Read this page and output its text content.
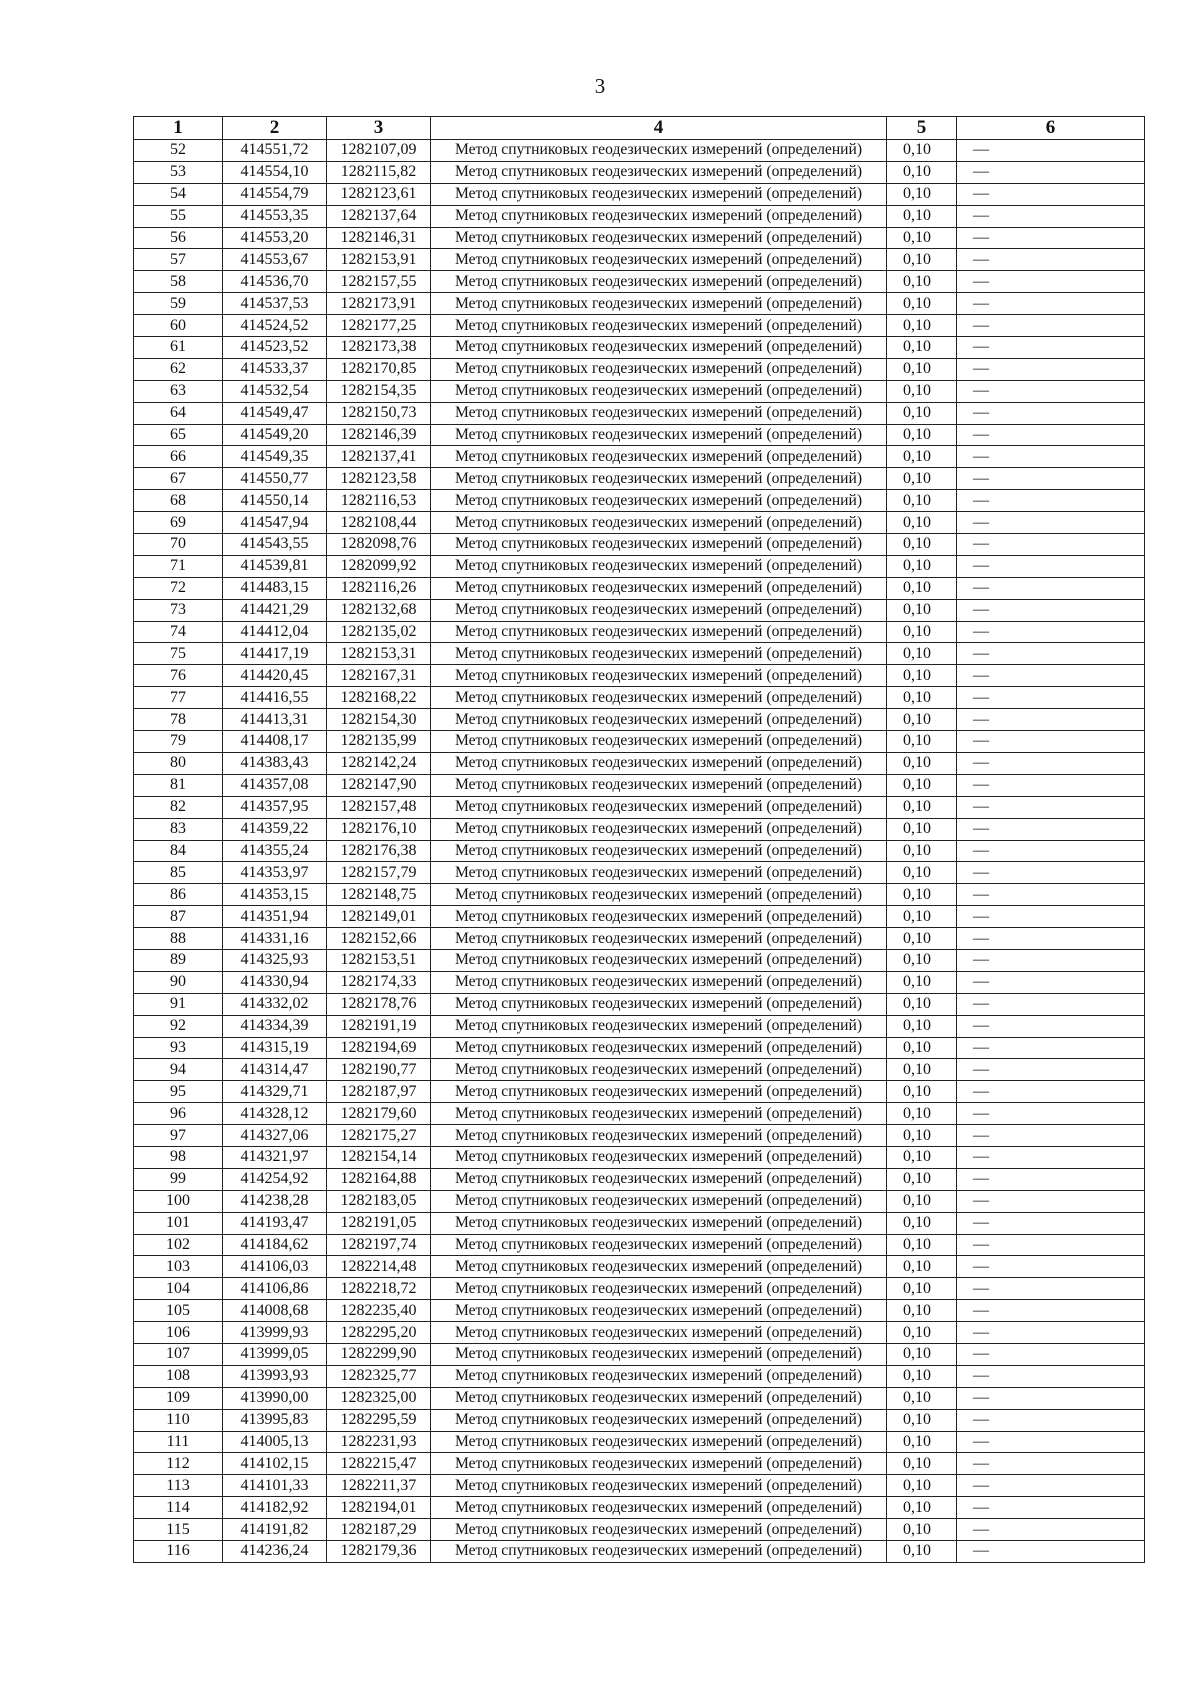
3
1	2	3	4	5	6
52	414551,72	1282107,09	Метод спутниковых геодезических измерений (определений)	0,10	—
53	414554,10	1282115,82	Метод спутниковых геодезических измерений (определений)	0,10	—
54	414554,79	1282123,61	Метод спутниковых геодезических измерений (определений)	0,10	—
55	414553,35	1282137,64	Метод спутниковых геодезических измерений (определений)	0,10	—
56	414553,20	1282146,31	Метод спутниковых геодезических измерений (определений)	0,10	—
57	414553,67	1282153,91	Метод спутниковых геодезических измерений (определений)	0,10	—
58	414536,70	1282157,55	Метод спутниковых геодезических измерений (определений)	0,10	—
59	414537,53	1282173,91	Метод спутниковых геодезических измерений (определений)	0,10	—
60	414524,52	1282177,25	Метод спутниковых геодезических измерений (определений)	0,10	—
61	414523,52	1282173,38	Метод спутниковых геодезических измерений (определений)	0,10	—
62	414533,37	1282170,85	Метод спутниковых геодезических измерений (определений)	0,10	—
63	414532,54	1282154,35	Метод спутниковых геодезических измерений (определений)	0,10	—
64	414549,47	1282150,73	Метод спутниковых геодезических измерений (определений)	0,10	—
65	414549,20	1282146,39	Метод спутниковых геодезических измерений (определений)	0,10	—
66	414549,35	1282137,41	Метод спутниковых геодезических измерений (определений)	0,10	—
67	414550,77	1282123,58	Метод спутниковых геодезических измерений (определений)	0,10	—
68	414550,14	1282116,53	Метод спутниковых геодезических измерений (определений)	0,10	—
69	414547,94	1282108,44	Метод спутниковых геодезических измерений (определений)	0,10	—
70	414543,55	1282098,76	Метод спутниковых геодезических измерений (определений)	0,10	—
71	414539,81	1282099,92	Метод спутниковых геодезических измерений (определений)	0,10	—
72	414483,15	1282116,26	Метод спутниковых геодезических измерений (определений)	0,10	—
73	414421,29	1282132,68	Метод спутниковых геодезических измерений (определений)	0,10	—
74	414412,04	1282135,02	Метод спутниковых геодезических измерений (определений)	0,10	—
75	414417,19	1282153,31	Метод спутниковых геодезических измерений (определений)	0,10	—
76	414420,45	1282167,31	Метод спутниковых геодезических измерений (определений)	0,10	—
77	414416,55	1282168,22	Метод спутниковых геодезических измерений (определений)	0,10	—
78	414413,31	1282154,30	Метод спутниковых геодезических измерений (определений)	0,10	—
79	414408,17	1282135,99	Метод спутниковых геодезических измерений (определений)	0,10	—
80	414383,43	1282142,24	Метод спутниковых геодезических измерений (определений)	0,10	—
81	414357,08	1282147,90	Метод спутниковых геодезических измерений (определений)	0,10	—
82	414357,95	1282157,48	Метод спутниковых геодезических измерений (определений)	0,10	—
83	414359,22	1282176,10	Метод спутниковых геодезических измерений (определений)	0,10	—
84	414355,24	1282176,38	Метод спутниковых геодезических измерений (определений)	0,10	—
85	414353,97	1282157,79	Метод спутниковых геодезических измерений (определений)	0,10	—
86	414353,15	1282148,75	Метод спутниковых геодезических измерений (определений)	0,10	—
87	414351,94	1282149,01	Метод спутниковых геодезических измерений (определений)	0,10	—
88	414331,16	1282152,66	Метод спутниковых геодезических измерений (определений)	0,10	—
89	414325,93	1282153,51	Метод спутниковых геодезических измерений (определений)	0,10	—
90	414330,94	1282174,33	Метод спутниковых геодезических измерений (определений)	0,10	—
91	414332,02	1282178,76	Метод спутниковых геодезических измерений (определений)	0,10	—
92	414334,39	1282191,19	Метод спутниковых геодезических измерений (определений)	0,10	—
93	414315,19	1282194,69	Метод спутниковых геодезических измерений (определений)	0,10	—
94	414314,47	1282190,77	Метод спутниковых геодезических измерений (определений)	0,10	—
95	414329,71	1282187,97	Метод спутниковых геодезических измерений (определений)	0,10	—
96	414328,12	1282179,60	Метод спутниковых геодезических измерений (определений)	0,10	—
97	414327,06	1282175,27	Метод спутниковых геодезических измерений (определений)	0,10	—
98	414321,97	1282154,14	Метод спутниковых геодезических измерений (определений)	0,10	—
99	414254,92	1282164,88	Метод спутниковых геодезических измерений (определений)	0,10	—
100	414238,28	1282183,05	Метод спутниковых геодезических измерений (определений)	0,10	—
101	414193,47	1282191,05	Метод спутниковых геодезических измерений (определений)	0,10	—
102	414184,62	1282197,74	Метод спутниковых геодезических измерений (определений)	0,10	—
103	414106,03	1282214,48	Метод спутниковых геодезических измерений (определений)	0,10	—
104	414106,86	1282218,72	Метод спутниковых геодезических измерений (определений)	0,10	—
105	414008,68	1282235,40	Метод спутниковых геодезических измерений (определений)	0,10	—
106	413999,93	1282295,20	Метод спутниковых геодезических измерений (определений)	0,10	—
107	413999,05	1282299,90	Метод спутниковых геодезических измерений (определений)	0,10	—
108	413993,93	1282325,77	Метод спутниковых геодезических измерений (определений)	0,10	—
109	413990,00	1282325,00	Метод спутниковых геодезических измерений (определений)	0,10	—
110	413995,83	1282295,59	Метод спутниковых геодезических измерений (определений)	0,10	—
111	414005,13	1282231,93	Метод спутниковых геодезических измерений (определений)	0,10	—
112	414102,15	1282215,47	Метод спутниковых геодезических измерений (определений)	0,10	—
113	414101,33	1282211,37	Метод спутниковых геодезических измерений (определений)	0,10	—
114	414182,92	1282194,01	Метод спутниковых геодезических измерений (определений)	0,10	—
115	414191,82	1282187,29	Метод спутниковых геодезических измерений (определений)	0,10	—
116	414236,24	1282179,36	Метод спутниковых геодезических измерений (определений)	0,10	—
